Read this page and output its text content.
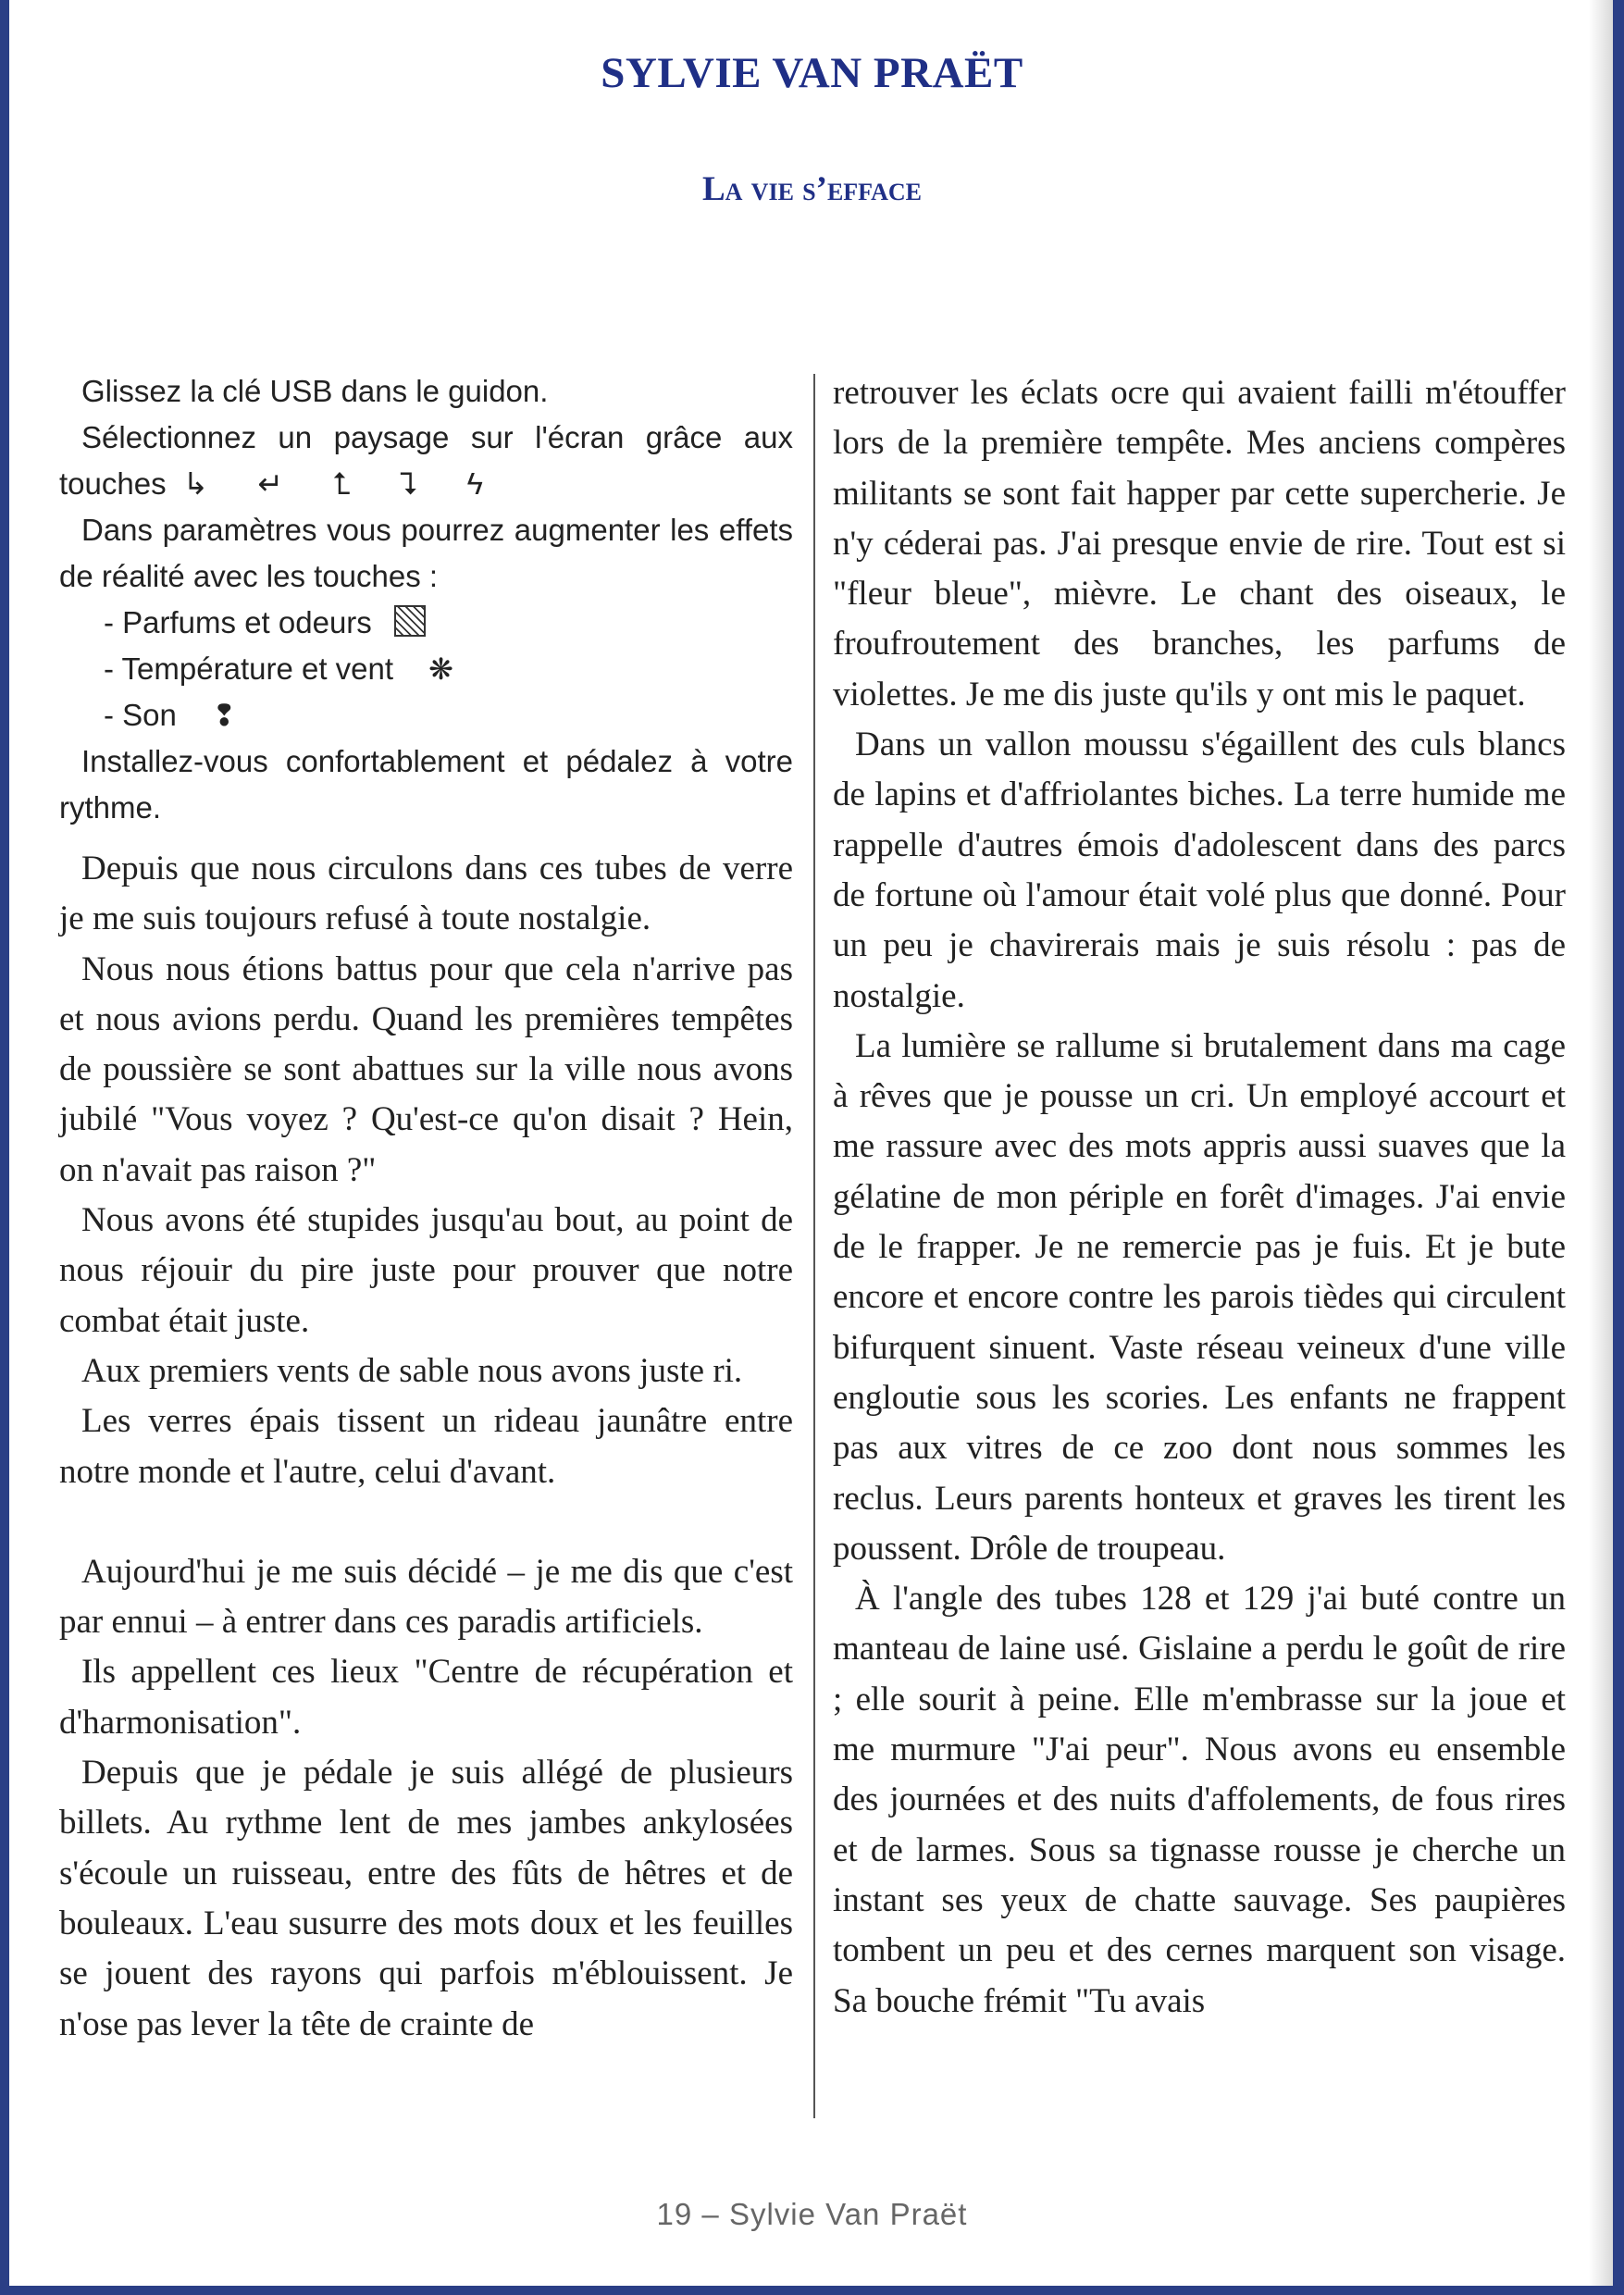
SYLVIE VAN PRAËT
La vie s’efface

Glissez la clé USB dans le guidon.

Sélectionnez un paysage sur l'écran grâce aux touches ↳ ↵ ⮤ ⮧ ϟ

Dans paramètres vous pourrez augmenter les effets de réalité avec les touches :

- Parfums et odeurs

- Température et vent ❋

- Son ❢

Installez-vous confortablement et pédalez à votre rythme.

Depuis que nous circulons dans ces tubes de verre je me suis toujours refusé à toute nostalgie.

Nous nous étions battus pour que cela n'arrive pas et nous avions perdu. Quand les premières tempêtes de poussière se sont abattues sur la ville nous avons jubilé "Vous voyez ? Qu'est-ce qu'on disait ? Hein, on n'avait pas raison ?"

Nous avons été stupides jusqu'au bout, au point de nous réjouir du pire juste pour prouver que notre combat était juste.

Aux premiers vents de sable nous avons juste ri.

Les verres épais tissent un rideau jaunâtre entre notre monde et l'autre, celui d'avant.

Aujourd'hui je me suis décidé – je me dis que c'est par ennui – à entrer dans ces paradis artificiels.

Ils appellent ces lieux "Centre de récupération et d'harmonisation".

Depuis que je pédale je suis allégé de plusieurs billets. Au rythme lent de mes jambes ankylosées s'écoule un ruisseau, entre des fûts de hêtres et de bouleaux. L'eau susurre des mots doux et les feuilles se jouent des rayons qui parfois m'éblouissent. Je n'ose pas lever la tête de crainte de

retrouver les éclats ocre qui avaient failli m'étouffer lors de la première tempête. Mes anciens compères militants se sont fait happer par cette supercherie. Je n'y céderai pas. J'ai presque envie de rire. Tout est si "fleur bleue", mièvre. Le chant des oiseaux, le froufroutement des branches, les parfums de violettes. Je me dis juste qu'ils y ont mis le paquet.

Dans un vallon moussu s'égaillent des culs blancs de lapins et d'affriolantes biches. La terre humide me rappelle d'autres émois d'adolescent dans des parcs de fortune où l'amour était volé plus que donné. Pour un peu je chavirerais mais je suis résolu : pas de nostalgie.

La lumière se rallume si brutalement dans ma cage à rêves que je pousse un cri. Un employé accourt et me rassure avec des mots appris aussi suaves que la gélatine de mon périple en forêt d'images. J'ai envie de le frapper. Je ne remercie pas je fuis. Et je bute encore et encore contre les parois tièdes qui circulent bifurquent sinuent. Vaste réseau veineux d'une ville engloutie sous les scories. Les enfants ne frappent pas aux vitres de ce zoo dont nous sommes les reclus. Leurs parents honteux et graves les tirent les poussent. Drôle de troupeau.

À l'angle des tubes 128 et 129 j'ai buté contre un manteau de laine usé. Gislaine a perdu le goût de rire ; elle sourit à peine. Elle m'embrasse sur la joue et me murmure "J'ai peur". Nous avons eu ensemble des journées et des nuits d'affolements, de fous rires et de larmes. Sous sa tignasse rousse je cherche un instant ses yeux de chatte sauvage. Ses paupières tombent un peu et des cernes marquent son visage. Sa bouche frémit "Tu avais

19 – Sylvie Van Praët
